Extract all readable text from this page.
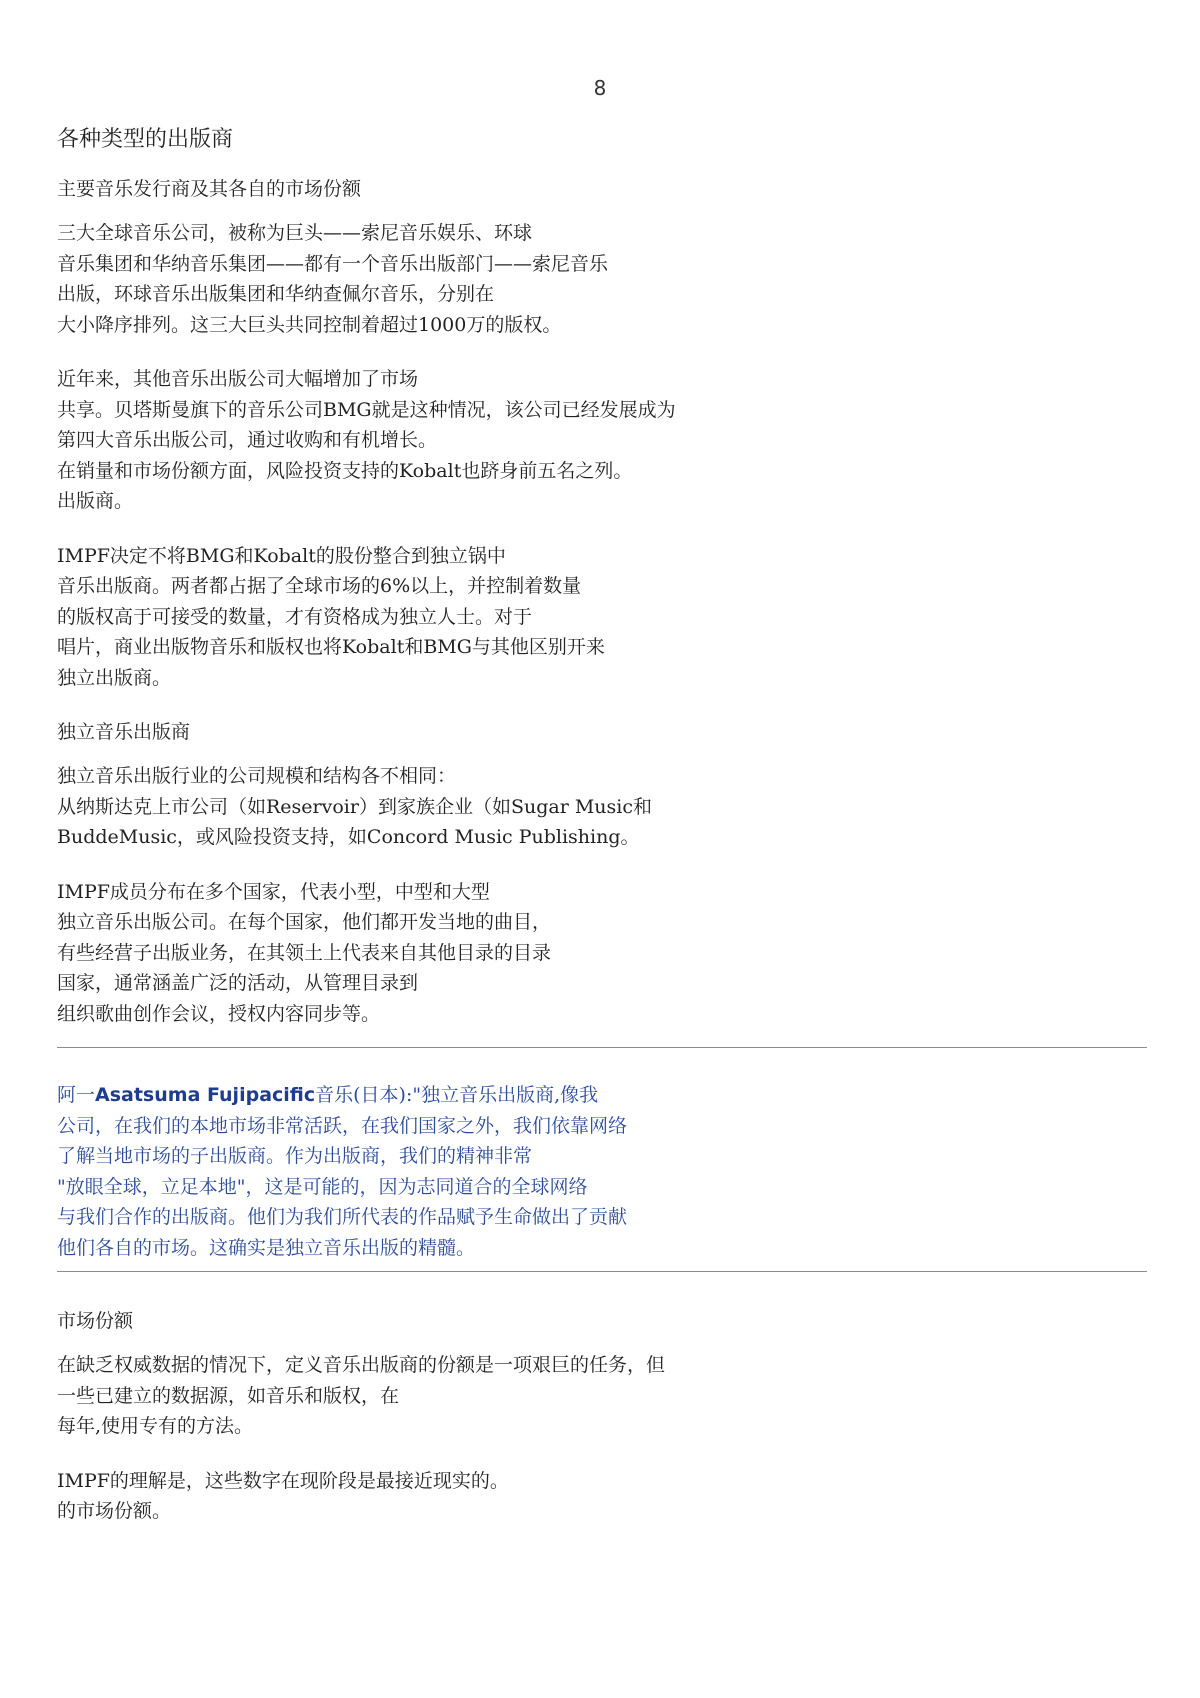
8
各种类型的出版商
主要音乐发行商及其各自的市场份额

三大全球音乐公司，被称为巨头——索尼音乐娱乐、环球
音乐集团和华纳音乐集团——都有一个音乐出版部门——索尼音乐
出版，环球音乐出版集团和华纳查佩尔音乐，分别在
大小降序排列。这三大巨头共同控制着超过1000万的版权。

近年来，其他音乐出版公司大幅增加了市场
共享。贝塔斯曼旗下的音乐公司BMG就是这种情况，该公司已经发展成为
第四大音乐出版公司，通过收购和有机增长。
在销量和市场份额方面，风险投资支持的Kobalt也跻身前五名之列。
出版商。

IMPF决定不将BMG和Kobalt的股份整合到独立锅中
音乐出版商。两者都占据了全球市场的6%以上，并控制着数量
的版权高于可接受的数量，才有资格成为独立人士。对于
唱片，商业出版物音乐和版权也将Kobalt和BMG与其他区别开来
独立出版商。

独立音乐出版商

独立音乐出版行业的公司规模和结构各不相同：
从纳斯达克上市公司（如Reservoir）到家族企业（如Sugar Music和
BuddeMusic，或风险投资支持，如Concord Music Publishing。

IMPF成员分布在多个国家，代表小型，中型和大型
独立音乐出版公司。在每个国家，他们都开发当地的曲目，
有些经营子出版业务，在其领土上代表来自其他目录的目录
国家，通常涵盖广泛的活动，从管理目录到
组织歌曲创作会议，授权内容同步等。

阿一Asatsuma Fujipacific音乐(日本):"独立音乐出版商,像我
公司，在我们的本地市场非常活跃，在我们国家之外，我们依靠网络
了解当地市场的子出版商。作为出版商，我们的精神非常
"放眼全球，立足本地"，这是可能的，因为志同道合的全球网络
与我们合作的出版商。他们为我们所代表的作品赋予生命做出了贡献
他们各自的市场。这确实是独立音乐出版的精髓。
市场份额

在缺乏权威数据的情况下，定义音乐出版商的份额是一项艰巨的任务，但
一些已建立的数据源，如音乐和版权，在
每年,使用专有的方法。

IMPF的理解是，这些数字在现阶段是最接近现实的。
的市场份额。
